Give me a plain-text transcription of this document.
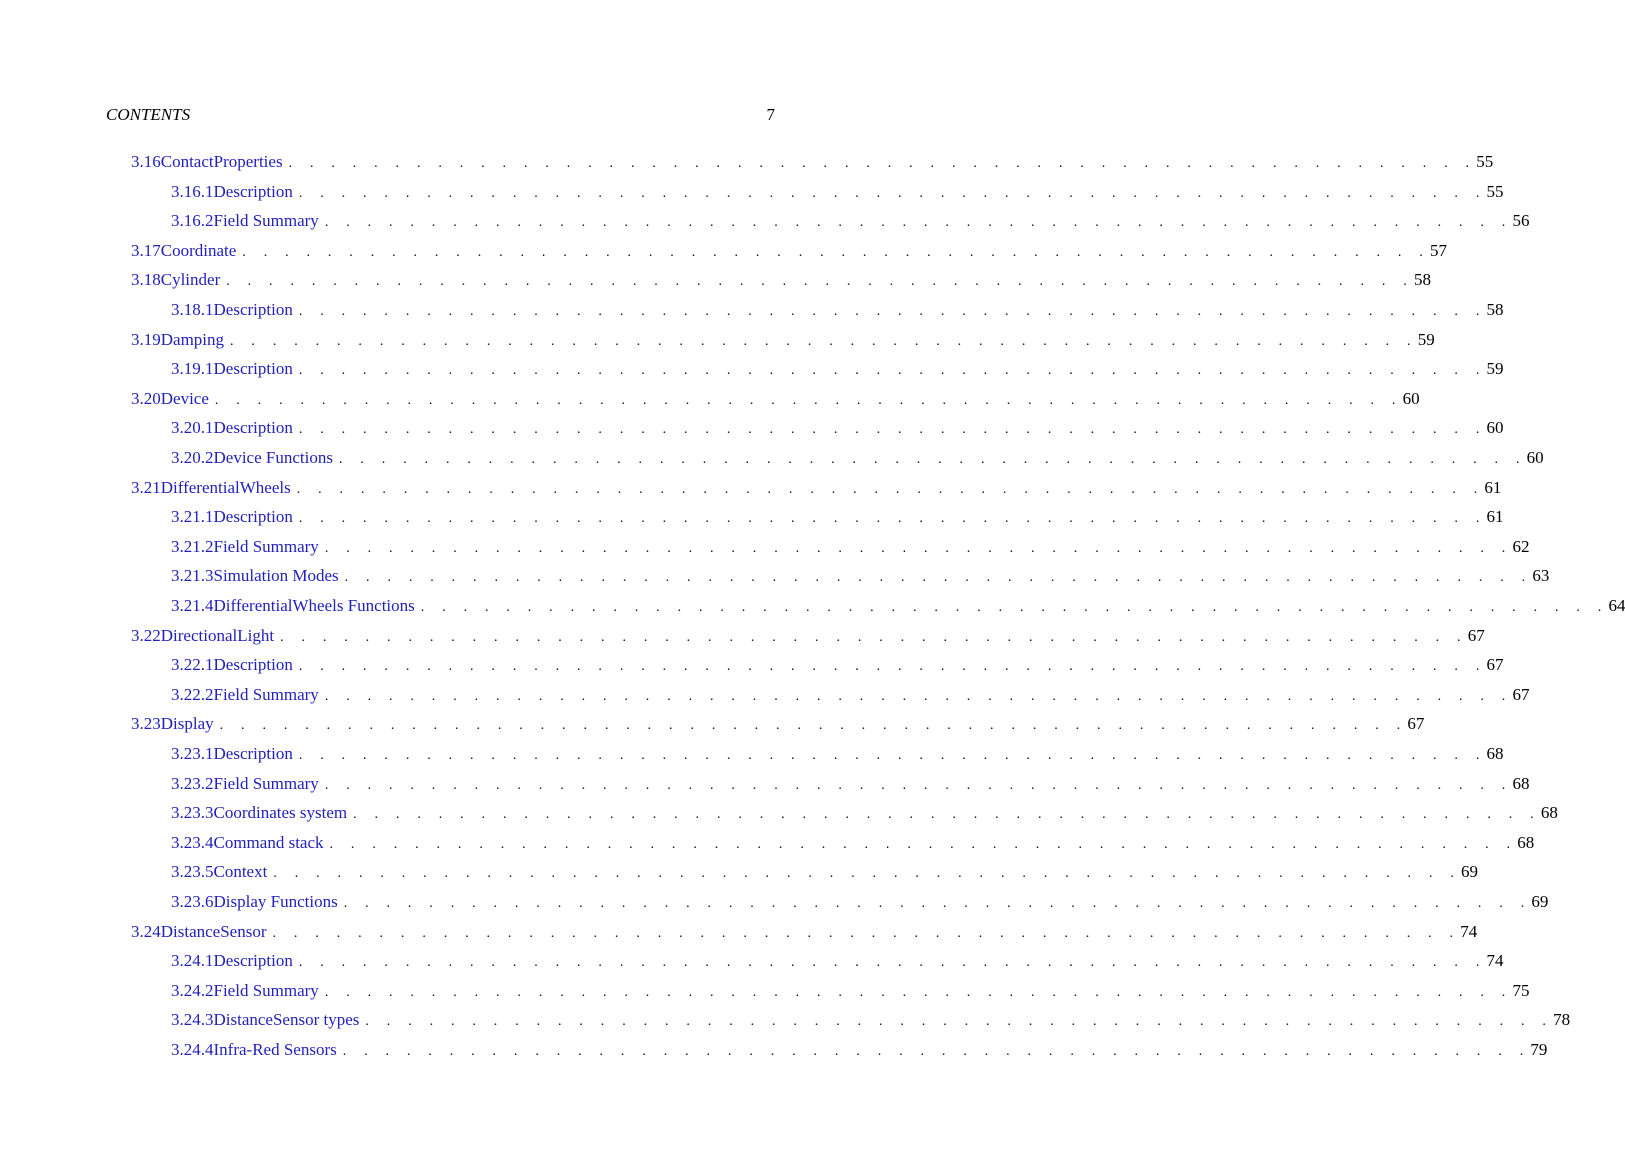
CONTENTS	7
3.16 ContactProperties . . . . . . . . . . . . . . . . . . . . . . . . . . . . . . . . . . . . . . . . . . . . . . . . . . . . . . . . 55
3.16.1 Description . . . . . . . . . . . . . . . . . . . . . . . . . . . . . . . . . . . . . . . . . . . . . . . . . . . . . . . . 55
3.16.2 Field Summary . . . . . . . . . . . . . . . . . . . . . . . . . . . . . . . . . . . . . . . . . . . . . . . . . . . . . . . . 56
3.17 Coordinate . . . . . . . . . . . . . . . . . . . . . . . . . . . . . . . . . . . . . . . . . . . . . . . . . . . . . . . . 57
3.18 Cylinder . . . . . . . . . . . . . . . . . . . . . . . . . . . . . . . . . . . . . . . . . . . . . . . . . . . . . . . . 58
3.18.1 Description . . . . . . . . . . . . . . . . . . . . . . . . . . . . . . . . . . . . . . . . . . . . . . . . . . . . . . . . 58
3.19 Damping . . . . . . . . . . . . . . . . . . . . . . . . . . . . . . . . . . . . . . . . . . . . . . . . . . . . . . . . 59
3.19.1 Description . . . . . . . . . . . . . . . . . . . . . . . . . . . . . . . . . . . . . . . . . . . . . . . . . . . . . . . . 59
3.20 Device . . . . . . . . . . . . . . . . . . . . . . . . . . . . . . . . . . . . . . . . . . . . . . . . . . . . . . . . 60
3.20.1 Description . . . . . . . . . . . . . . . . . . . . . . . . . . . . . . . . . . . . . . . . . . . . . . . . . . . . . . . . 60
3.20.2 Device Functions . . . . . . . . . . . . . . . . . . . . . . . . . . . . . . . . . . . . . . . . . . . . . . . . . . . . . . . . 60
3.21 DifferentialWheels . . . . . . . . . . . . . . . . . . . . . . . . . . . . . . . . . . . . . . . . . . . . . . . . . . . . . . . . 61
3.21.1 Description . . . . . . . . . . . . . . . . . . . . . . . . . . . . . . . . . . . . . . . . . . . . . . . . . . . . . . . . 61
3.21.2 Field Summary . . . . . . . . . . . . . . . . . . . . . . . . . . . . . . . . . . . . . . . . . . . . . . . . . . . . . . . . 62
3.21.3 Simulation Modes . . . . . . . . . . . . . . . . . . . . . . . . . . . . . . . . . . . . . . . . . . . . . . . . . . . . . . . . 63
3.21.4 DifferentialWheels Functions . . . . . . . . . . . . . . . . . . . . . . . . . . . . . . . . . . . . . . . . . . . . . . . . . . . . . . . . 64
3.22 DirectionalLight . . . . . . . . . . . . . . . . . . . . . . . . . . . . . . . . . . . . . . . . . . . . . . . . . . . . . . . . 67
3.22.1 Description . . . . . . . . . . . . . . . . . . . . . . . . . . . . . . . . . . . . . . . . . . . . . . . . . . . . . . . . 67
3.22.2 Field Summary . . . . . . . . . . . . . . . . . . . . . . . . . . . . . . . . . . . . . . . . . . . . . . . . . . . . . . . . 67
3.23 Display . . . . . . . . . . . . . . . . . . . . . . . . . . . . . . . . . . . . . . . . . . . . . . . . . . . . . . . . 67
3.23.1 Description . . . . . . . . . . . . . . . . . . . . . . . . . . . . . . . . . . . . . . . . . . . . . . . . . . . . . . . . 68
3.23.2 Field Summary . . . . . . . . . . . . . . . . . . . . . . . . . . . . . . . . . . . . . . . . . . . . . . . . . . . . . . . . 68
3.23.3 Coordinates system . . . . . . . . . . . . . . . . . . . . . . . . . . . . . . . . . . . . . . . . . . . . . . . . . . . . . . . . 68
3.23.4 Command stack . . . . . . . . . . . . . . . . . . . . . . . . . . . . . . . . . . . . . . . . . . . . . . . . . . . . . . . . 68
3.23.5 Context . . . . . . . . . . . . . . . . . . . . . . . . . . . . . . . . . . . . . . . . . . . . . . . . . . . . . . . . 69
3.23.6 Display Functions . . . . . . . . . . . . . . . . . . . . . . . . . . . . . . . . . . . . . . . . . . . . . . . . . . . . . . . . 69
3.24 DistanceSensor . . . . . . . . . . . . . . . . . . . . . . . . . . . . . . . . . . . . . . . . . . . . . . . . . . . . . . . . 74
3.24.1 Description . . . . . . . . . . . . . . . . . . . . . . . . . . . . . . . . . . . . . . . . . . . . . . . . . . . . . . . . 74
3.24.2 Field Summary . . . . . . . . . . . . . . . . . . . . . . . . . . . . . . . . . . . . . . . . . . . . . . . . . . . . . . . . 75
3.24.3 DistanceSensor types . . . . . . . . . . . . . . . . . . . . . . . . . . . . . . . . . . . . . . . . . . . . . . . . . . . . . . . . 78
3.24.4 Infra-Red Sensors . . . . . . . . . . . . . . . . . . . . . . . . . . . . . . . . . . . . . . . . . . . . . . . . . . . . . . . . 79
